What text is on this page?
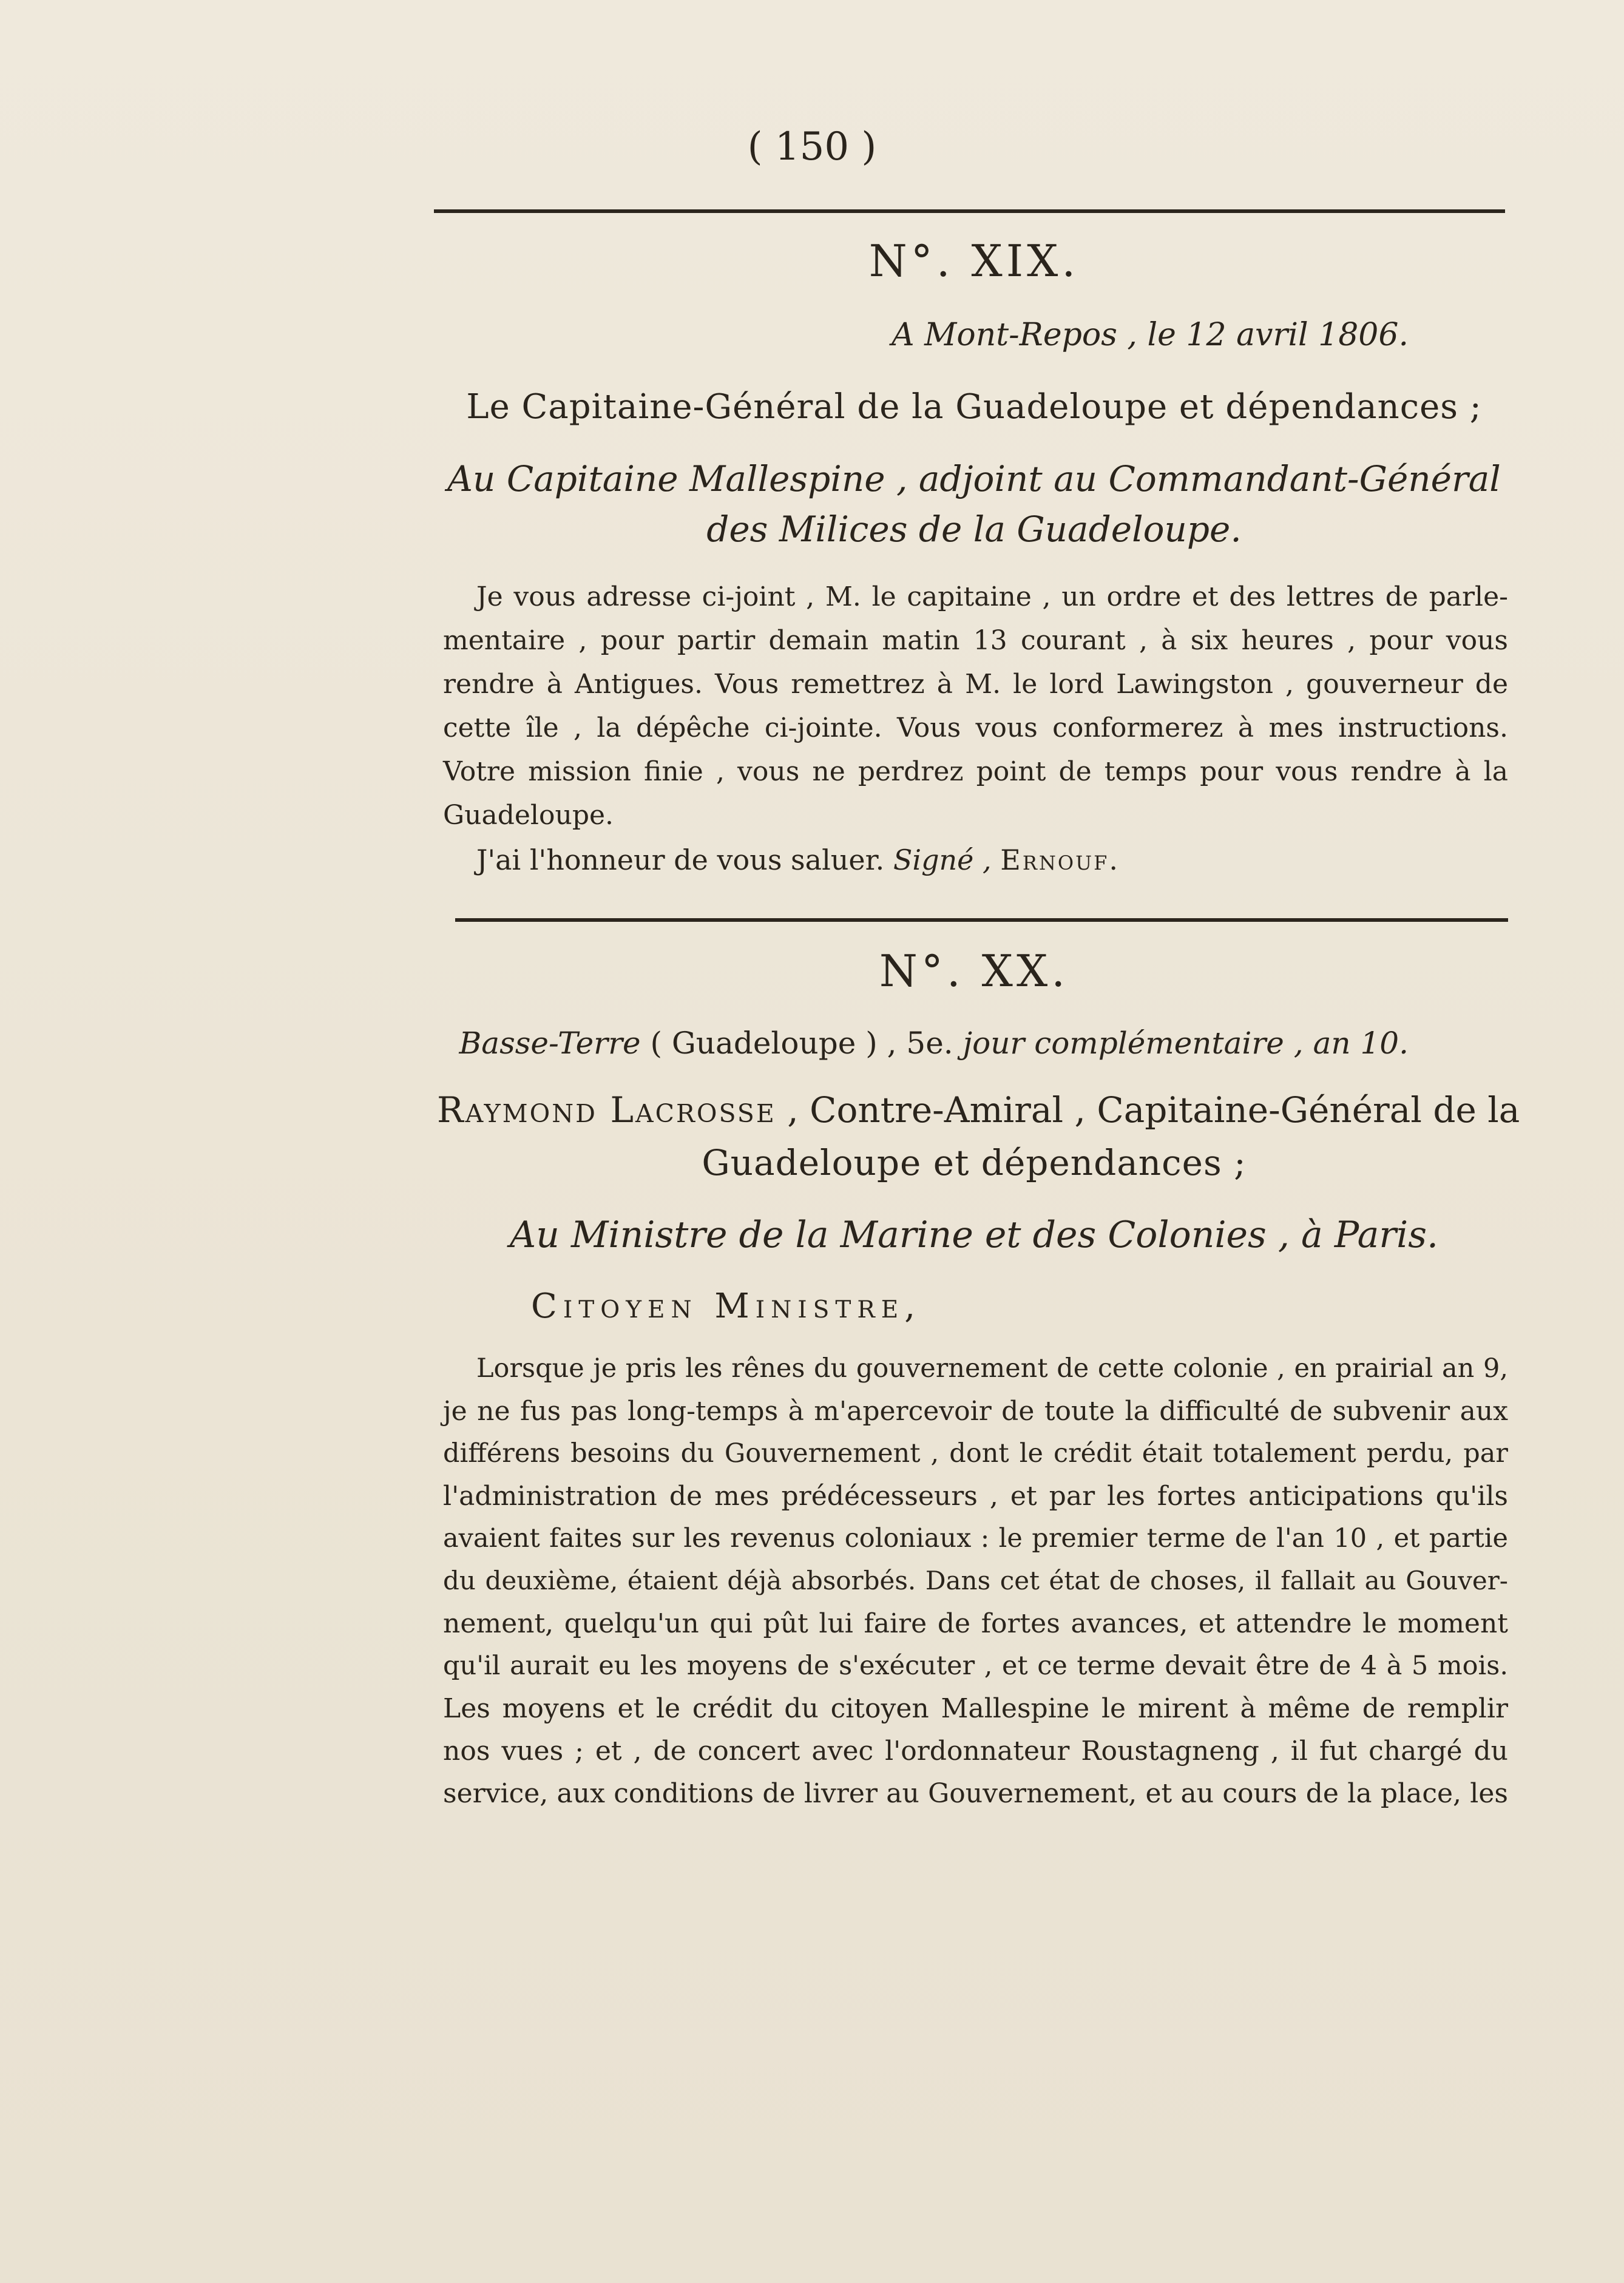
( 150 )
N°. XIX.
A Mont-Repos , le 12 avril 1806.
Le Capitaine-Général de la Guadeloupe et dépendances ;
Au Capitaine Mallespine , adjoint au Commandant-Général
des Milices de la Guadeloupe.
Je vous adresse ci-joint , M. le capitaine , un ordre et des lettres de parle-
mentaire , pour partir demain matin 13 courant , à six heures , pour vous
rendre à Antigues. Vous remettrez à M. le lord Lawingston , gouverneur de
cette île , la dépêche ci-jointe. Vous vous conformerez à mes instructions.
Votre mission finie , vous ne perdrez point de temps pour vous rendre à la
Guadeloupe.
J'ai l'honneur de vous saluer. Signé , Ernouf.
N°. XX.
Basse-Terre ( Guadeloupe ) , 5e. jour complémentaire , an 10.
Raymond Lacrosse , Contre-Amiral , Capitaine-Général de la
Guadeloupe et dépendances ;
Au Ministre de la Marine et des Colonies , à Paris.
Citoyen Ministre,
Lorsque je pris les rênes du gouvernement de cette colonie , en prairial an 9,
je ne fus pas long-temps à m'apercevoir de toute la difficulté de subvenir aux
différens besoins du Gouvernement , dont le crédit était totalement perdu, par
l'administration de mes prédécesseurs , et par les fortes anticipations qu'ils
avaient faites sur les revenus coloniaux : le premier terme de l'an 10 , et partie
du deuxième, étaient déjà absorbés. Dans cet état de choses, il fallait au Gouver-
nement, quelqu'un qui pût lui faire de fortes avances, et attendre le moment
qu'il aurait eu les moyens de s'exécuter , et ce terme devait être de 4 à 5 mois.
Les moyens et le crédit du citoyen Mallespine le mirent à même de remplir
nos vues ; et , de concert avec l'ordonnateur Roustagneng , il fut chargé du
service, aux conditions de livrer au Gouvernement, et au cours de la place, les
